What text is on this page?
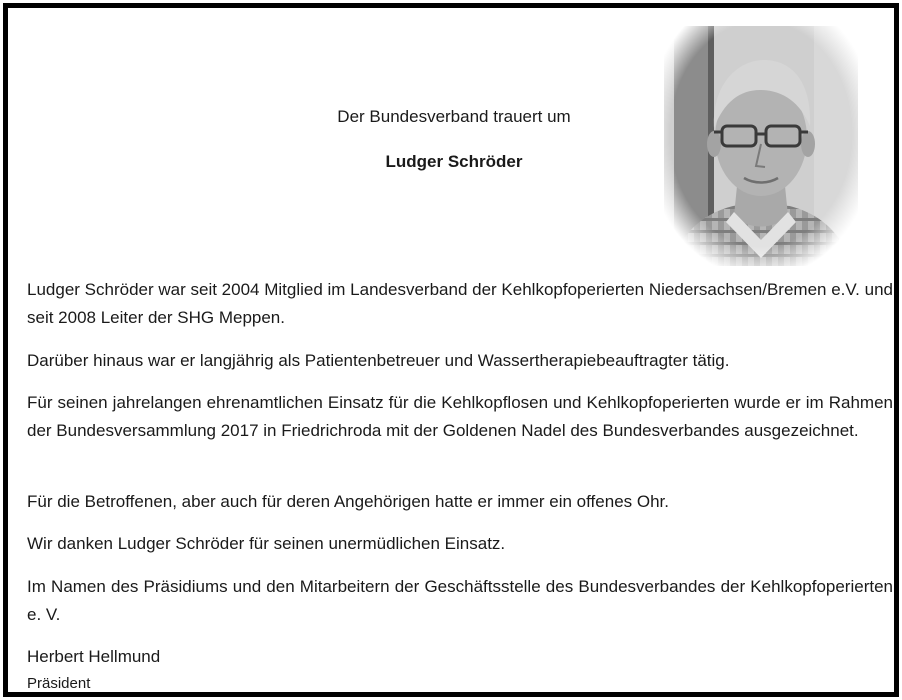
Der Bundesverband trauert um
Ludger Schröder

Ludger Schröder war seit 2004 Mitglied im Landesverband der Kehlkopfoperierten Niedersachsen/Bremen e.V. und seit 2008 Leiter der SHG Meppen.

Darüber hinaus war er langjährig als Patientenbetreuer und Wassertherapiebeauftragter tätig.

Für seinen jahrelangen ehrenamtlichen Einsatz für die Kehlkopflosen und Kehlkopfoperierten wurde er im Rahmen der Bundesversammlung 2017 in Friedrichroda mit der Goldenen Nadel des Bundesverbandes ausgezeichnet.

Für die Betroffenen, aber auch für deren Angehörigen hatte er immer ein offenes Ohr.

Wir danken Ludger Schröder für seinen unermüdlichen Einsatz.

Im Namen des Präsidiums und den Mitarbeitern der Geschäftsstelle des Bundesverbandes der Kehlkopfoperierten e. V.

Herbert Hellmund
Präsident
